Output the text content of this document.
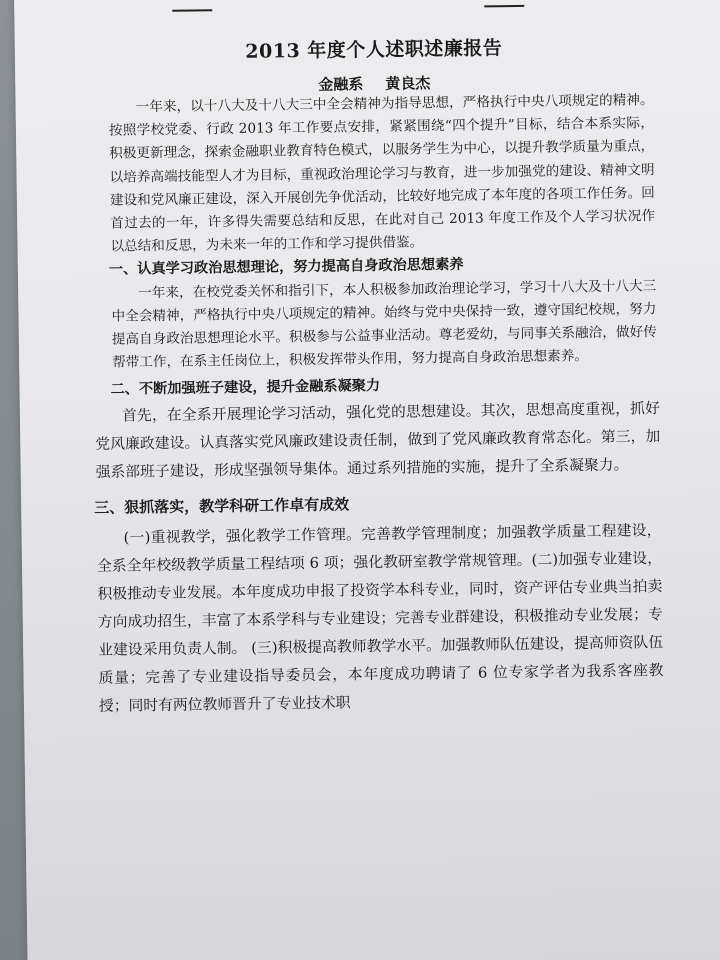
2013 年度个人述职述廉报告
金融系 黄良杰

一年来，以十八大及十八大三中全会精神为指导思想，严格执行中央八项规定的精神。按照学校党委、行政 2013 年工作要点安排，紧紧围绕“四个提升”目标，结合本系实际，积极更新理念，探索金融职业教育特色模式，以服务学生为中心，以提升教学质量为重点，以培养高端技能型人才为目标，重视政治理论学习与教育，进一步加强党的建设、精神文明建设和党风廉正建设，深入开展创先争优活动，比较好地完成了本年度的各项工作任务。回首过去的一年，许多得失需要总结和反思，在此对自己 2013 年度工作及个人学习状况作以总结和反思，为未来一年的工作和学习提供借鉴。

一、认真学习政治思想理论，努力提高自身政治思想素养

一年来，在校党委关怀和指引下，本人积极参加政治理论学习，学习十八大及十八大三中全会精神，严格执行中央八项规定的精神。始终与党中央保持一致，遵守国纪校规，努力提高自身政治思想理论水平。积极参与公益事业活动。尊老爱幼，与同事关系融洽，做好传帮带工作，在系主任岗位上，积极发挥带头作用，努力提高自身政治思想素养。

二、不断加强班子建设，提升金融系凝聚力

首先，在全系开展理论学习活动，强化党的思想建设。其次，思想高度重视，抓好党风廉政建设。认真落实党风廉政建设责任制，做到了党风廉政教育常态化。第三，加强系部班子建设，形成坚强领导集体。通过系列措施的实施，提升了全系凝聚力。

三、狠抓落实，教学科研工作卓有成效

(一)重视教学，强化教学工作管理。完善教学管理制度；加强教学质量工程建设，全系全年校级教学质量工程结项 6 项；强化教研室教学常规管理。(二)加强专业建设，积极推动专业发展。本年度成功申报了投资学本科专业，同时，资产评估专业典当拍卖方向成功招生，丰富了本系学科与专业建设；完善专业群建设，积极推动专业发展；专业建设采用负责人制。 (三)积极提高教师教学水平。加强教师队伍建设，提高师资队伍质量；完善了专业建设指导委员会，本年度成功聘请了 6 位专家学者为我系客座教授；同时有两位教师晋升了专业技术职
